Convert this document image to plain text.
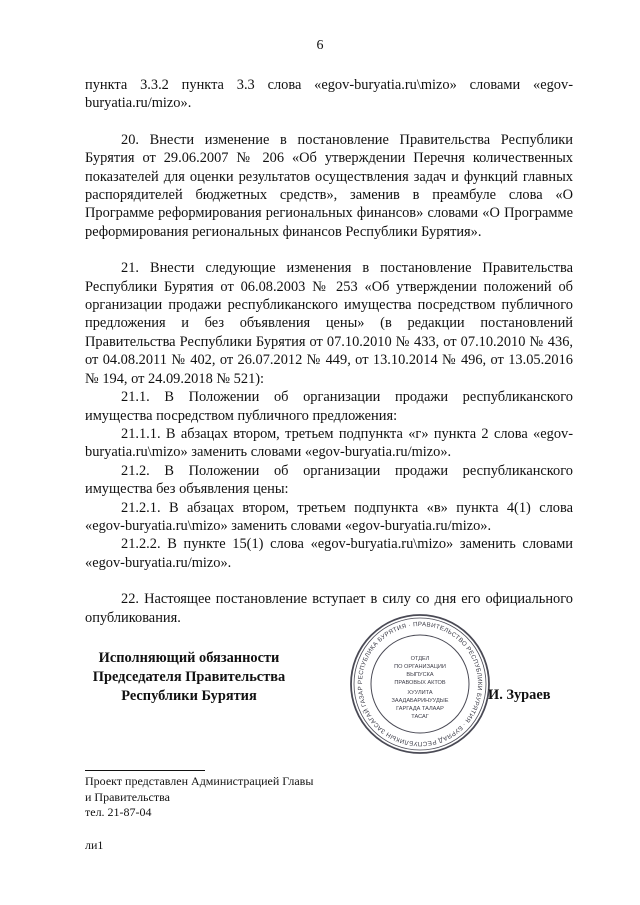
6

пункта 3.3.2 пункта 3.3 слова «egov-buryatia.ru\mizo» словами «egov-buryatia.ru/mizo».

20. Внести изменение в постановление Правительства Республики Бурятия от 29.06.2007 № 206 «Об утверждении Перечня количественных показателей для оценки результатов осуществления задач и функций главных распорядителей бюджетных средств», заменив в преамбуле слова «О Программе реформирования региональных финансов» словами «О Программе реформирования региональных финансов Республики Бурятия».

21. Внести следующие изменения в постановление Правительства Республики Бурятия от 06.08.2003 № 253 «Об утверждении положений об организации продажи республиканского имущества посредством публичного предложения и без объявления цены» (в редакции постановлений Правительства Республики Бурятия от 07.10.2010 № 433, от 07.10.2010 № 436, от 04.08.2011 № 402, от 26.07.2012 № 449, от 13.10.2014 № 496, от 13.05.2016 № 194, от 24.09.2018 № 521):

21.1. В Положении об организации продажи республиканского имущества посредством публичного предложения:

21.1.1. В абзацах втором, третьем подпункта «г» пункта 2 слова «egov-buryatia.ru\mizo» заменить словами «egov-buryatia.ru/mizo».

21.2. В Положении об организации продажи республиканского имущества без объявления цены:

21.2.1. В абзацах втором, третьем подпункта «в» пункта 4(1) слова «egov-buryatia.ru\mizo» заменить словами «egov-buryatia.ru/mizo».

21.2.2. В пункте 15(1) слова «egov-buryatia.ru\mizo» заменить словами «egov-buryatia.ru/mizo».

22. Настоящее постановление вступает в силу со дня его официального опубликования.

Исполняющий обязанности
Председателя Правительства
Республики Бурятия
РЕСПУБЛИКА БУРЯТИЯ · ПРАВИТЕЛЬСТВО РЕСПУБЛИКИ БУРЯТИЯ · БУРЯАД РЕСПУБЛИКЫН ЗАСАГАЙ ГАЗАР
ОТДЕЛ
ПО ОРГАНИЗАЦИИ
ВЫПУСКА
ПРАВОВЫХ АКТОВ
ХУУЛИТА
ЗААДАБАРИНУУДЫЕ
ГАРГАДА ТАЛААР
ТАСАГ
И. Зураев
Проект представлен Администрацией Главы
и Правительства
тел. 21-87-04
ли1
